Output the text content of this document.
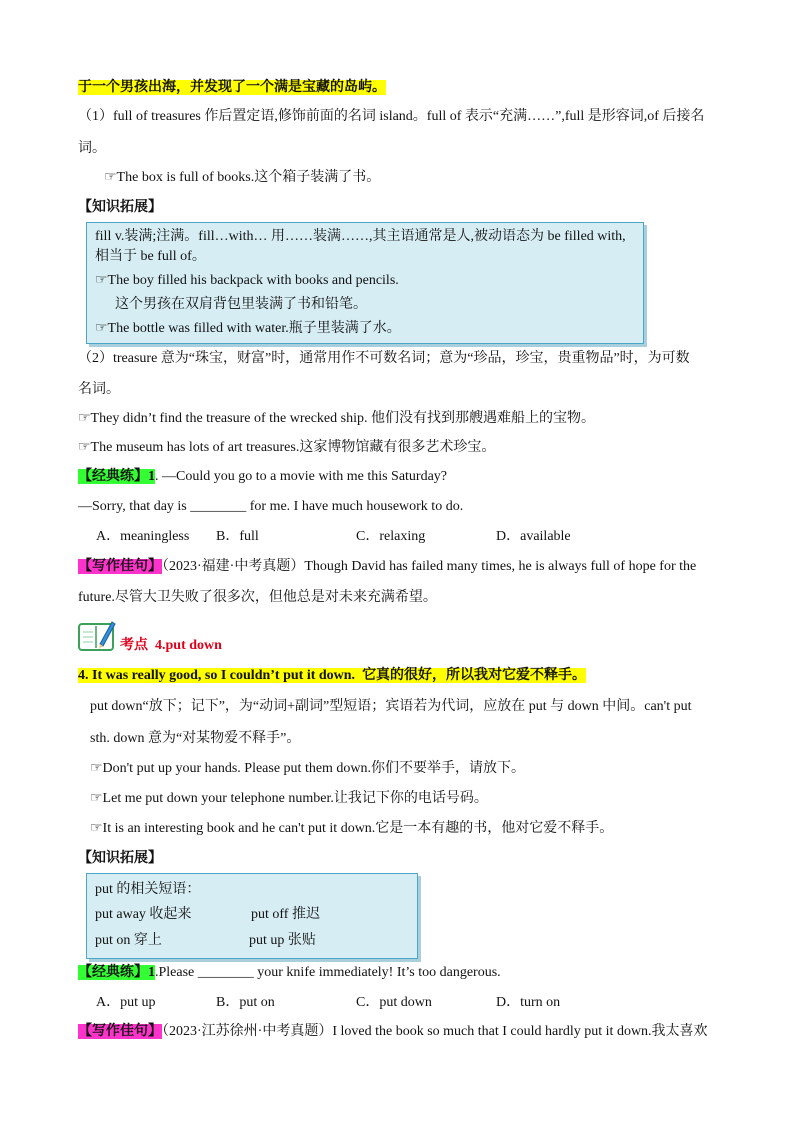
于一个男孩出海，并发现了一个满是宝藏的岛屿。
（1）full of treasures 作后置定语,修饰前面的名词 island。full of 表示“充满……”,full 是形容词,of 后接名
词。
☞The box is full of books.这个箱子装满了书。
【知识拓展】
fill v.装满;注满。fill…with… 用……装满……,其主语通常是人,被动语态为 be filled with,
相当于 be full of。
☞The boy filled his backpack with books and pencils.
这个男孩在双肩背包里装满了书和铅笔。
☞The bottle was filled with water.瓶子里装满了水。
（2）treasure 意为“珠宝，财富”时，通常用作不可数名词；意为“珍品，珍宝，贵重物品”时，为可数
名词。
☞They didn’t find the treasure of the wrecked ship. 他们没有找到那艘遇难船上的宝物。
☞The museum has lots of art treasures.这家博物馆藏有很多艺术珍宝。
【经典练】1. —Could you go to a movie with me this Saturday?
—Sorry, that day is ________ for me. I have much housework to do.
A．meaningless B．full	C．relaxing	D．available
【写作佳句】（2023·福建·中考真题）Though David has failed many times, he is always full of hope for the
future.尽管大卫失败了很多次，但他总是对未来充满希望。
考点 4.put down
4. It was really good, so I couldn’t put it down. 它真的很好，所以我对它爱不释手。
put down“放下；记下”，为“动词+副词”型短语；宾语若为代词，应放在 put 与 down 中间。can't put
sth. down 意为“对某物爱不释手”。
☞Don't put up your hands. Please put them down.你们不要举手，请放下。
☞Let me put down your telephone number.让我记下你的电话号码。
☞It is an interesting book and he can't put it down.它是一本有趣的书，他对它爱不释手。
【知识拓展】
put 的相关短语：
put away 收起来	put off 推迟
put on 穿上	put up 张贴
【经典练】1.Please ________ your knife immediately! It’s too dangerous.
A．put up	B．put on	C．put down	D．turn on
【写作佳句】（2023·江苏徐州·中考真题）I loved the book so much that I could hardly put it down.我太喜欢
